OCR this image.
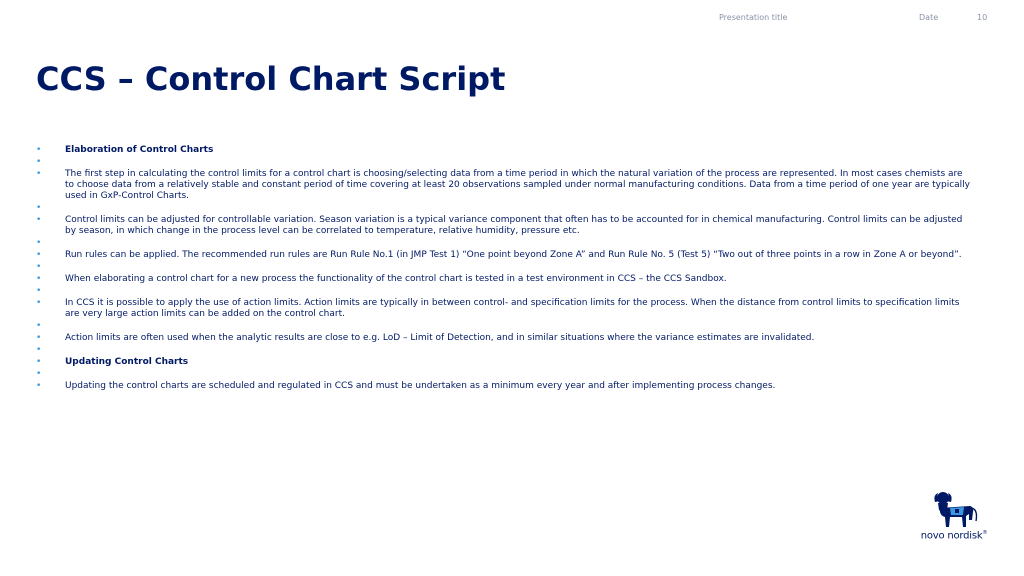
Presentation title	Date	10
CCS – Control Chart Script
•	Elaboration of Control Charts
•
•	The first step in calculating the control limits for a control chart is choosing/selecting data from a time period in which the natural variation of the process are represented. In most cases chemists are to choose data from a relatively stable and constant period of time covering at least 20 observations sampled under normal manufacturing conditions. Data from a time period of one year are typically used in GxP-Control Charts.
•
•	Control limits can be adjusted for controllable variation. Season variation is a typical variance component that often has to be accounted for in chemical manufacturing. Control limits can be adjusted by season, in which change in the process level can be correlated to temperature, relative humidity, pressure etc.
•
•	Run rules can be applied. The recommended run rules are Run Rule No.1 (in JMP Test 1) “One point beyond Zone A” and Run Rule No. 5 (Test 5) “Two out of three points in a row in Zone A or beyond”.
•
•	When elaborating a control chart for a new process the functionality of the control chart is tested in a test environment in CCS – the CCS Sandbox.
•
•	In CCS it is possible to apply the use of action limits. Action limits are typically in between control- and specification limits for the process. When the distance from control limits to specification limits are very large action limits can be added on the control chart.
•
•	Action limits are often used when the analytic results are close to e.g. LoD – Limit of Detection, and in similar situations where the variance estimates are invalidated.
•
•	Updating Control Charts
•
•	Updating the control charts are scheduled and regulated in CCS and must be undertaken as a minimum every year and after implementing process changes.
novo nordisk®
